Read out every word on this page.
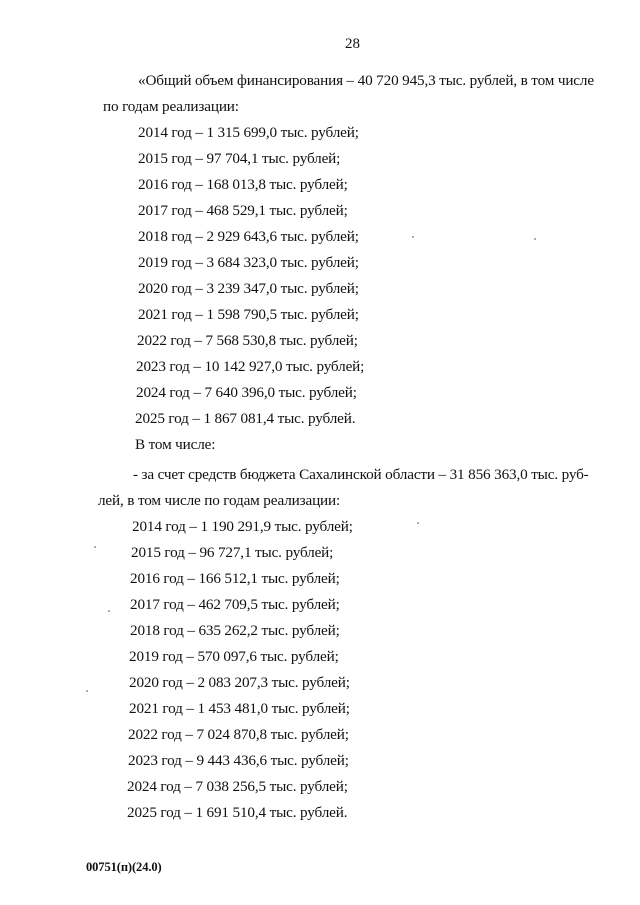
28
«Общий объем финансирования – 40 720 945,3 тыс. рублей, в том числе
по годам реализации:
2014 год – 1 315 699,0 тыс. рублей;
2015 год – 97 704,1 тыс. рублей;
2016 год – 168 013,8 тыс. рублей;
2017 год – 468 529,1 тыс. рублей;
2018 год – 2 929 643,6 тыс. рублей;
2019 год – 3 684 323,0 тыс. рублей;
2020 год – 3 239 347,0 тыс. рублей;
2021 год – 1 598 790,5 тыс. рублей;
2022 год – 7 568 530,8 тыс. рублей;
2023 год – 10 142 927,0 тыс. рублей;
2024 год – 7 640 396,0 тыс. рублей;
2025 год – 1 867 081,4 тыс. рублей.
В том числе:
- за счет средств бюджета Сахалинской области – 31 856 363,0 тыс. руб-
лей, в том числе по годам реализации:
2014 год – 1 190 291,9 тыс. рублей;
2015 год – 96 727,1 тыс. рублей;
2016 год – 166 512,1 тыс. рублей;
2017 год – 462 709,5 тыс. рублей;
2018 год – 635 262,2 тыс. рублей;
2019 год – 570 097,6 тыс. рублей;
2020 год – 2 083 207,3 тыс. рублей;
2021 год – 1 453 481,0 тыс. рублей;
2022 год – 7 024 870,8 тыс. рублей;
2023 год – 9 443 436,6 тыс. рублей;
2024 год – 7 038 256,5 тыс. рублей;
2025 год – 1 691 510,4 тыс. рублей.
00751(п)(24.0)
